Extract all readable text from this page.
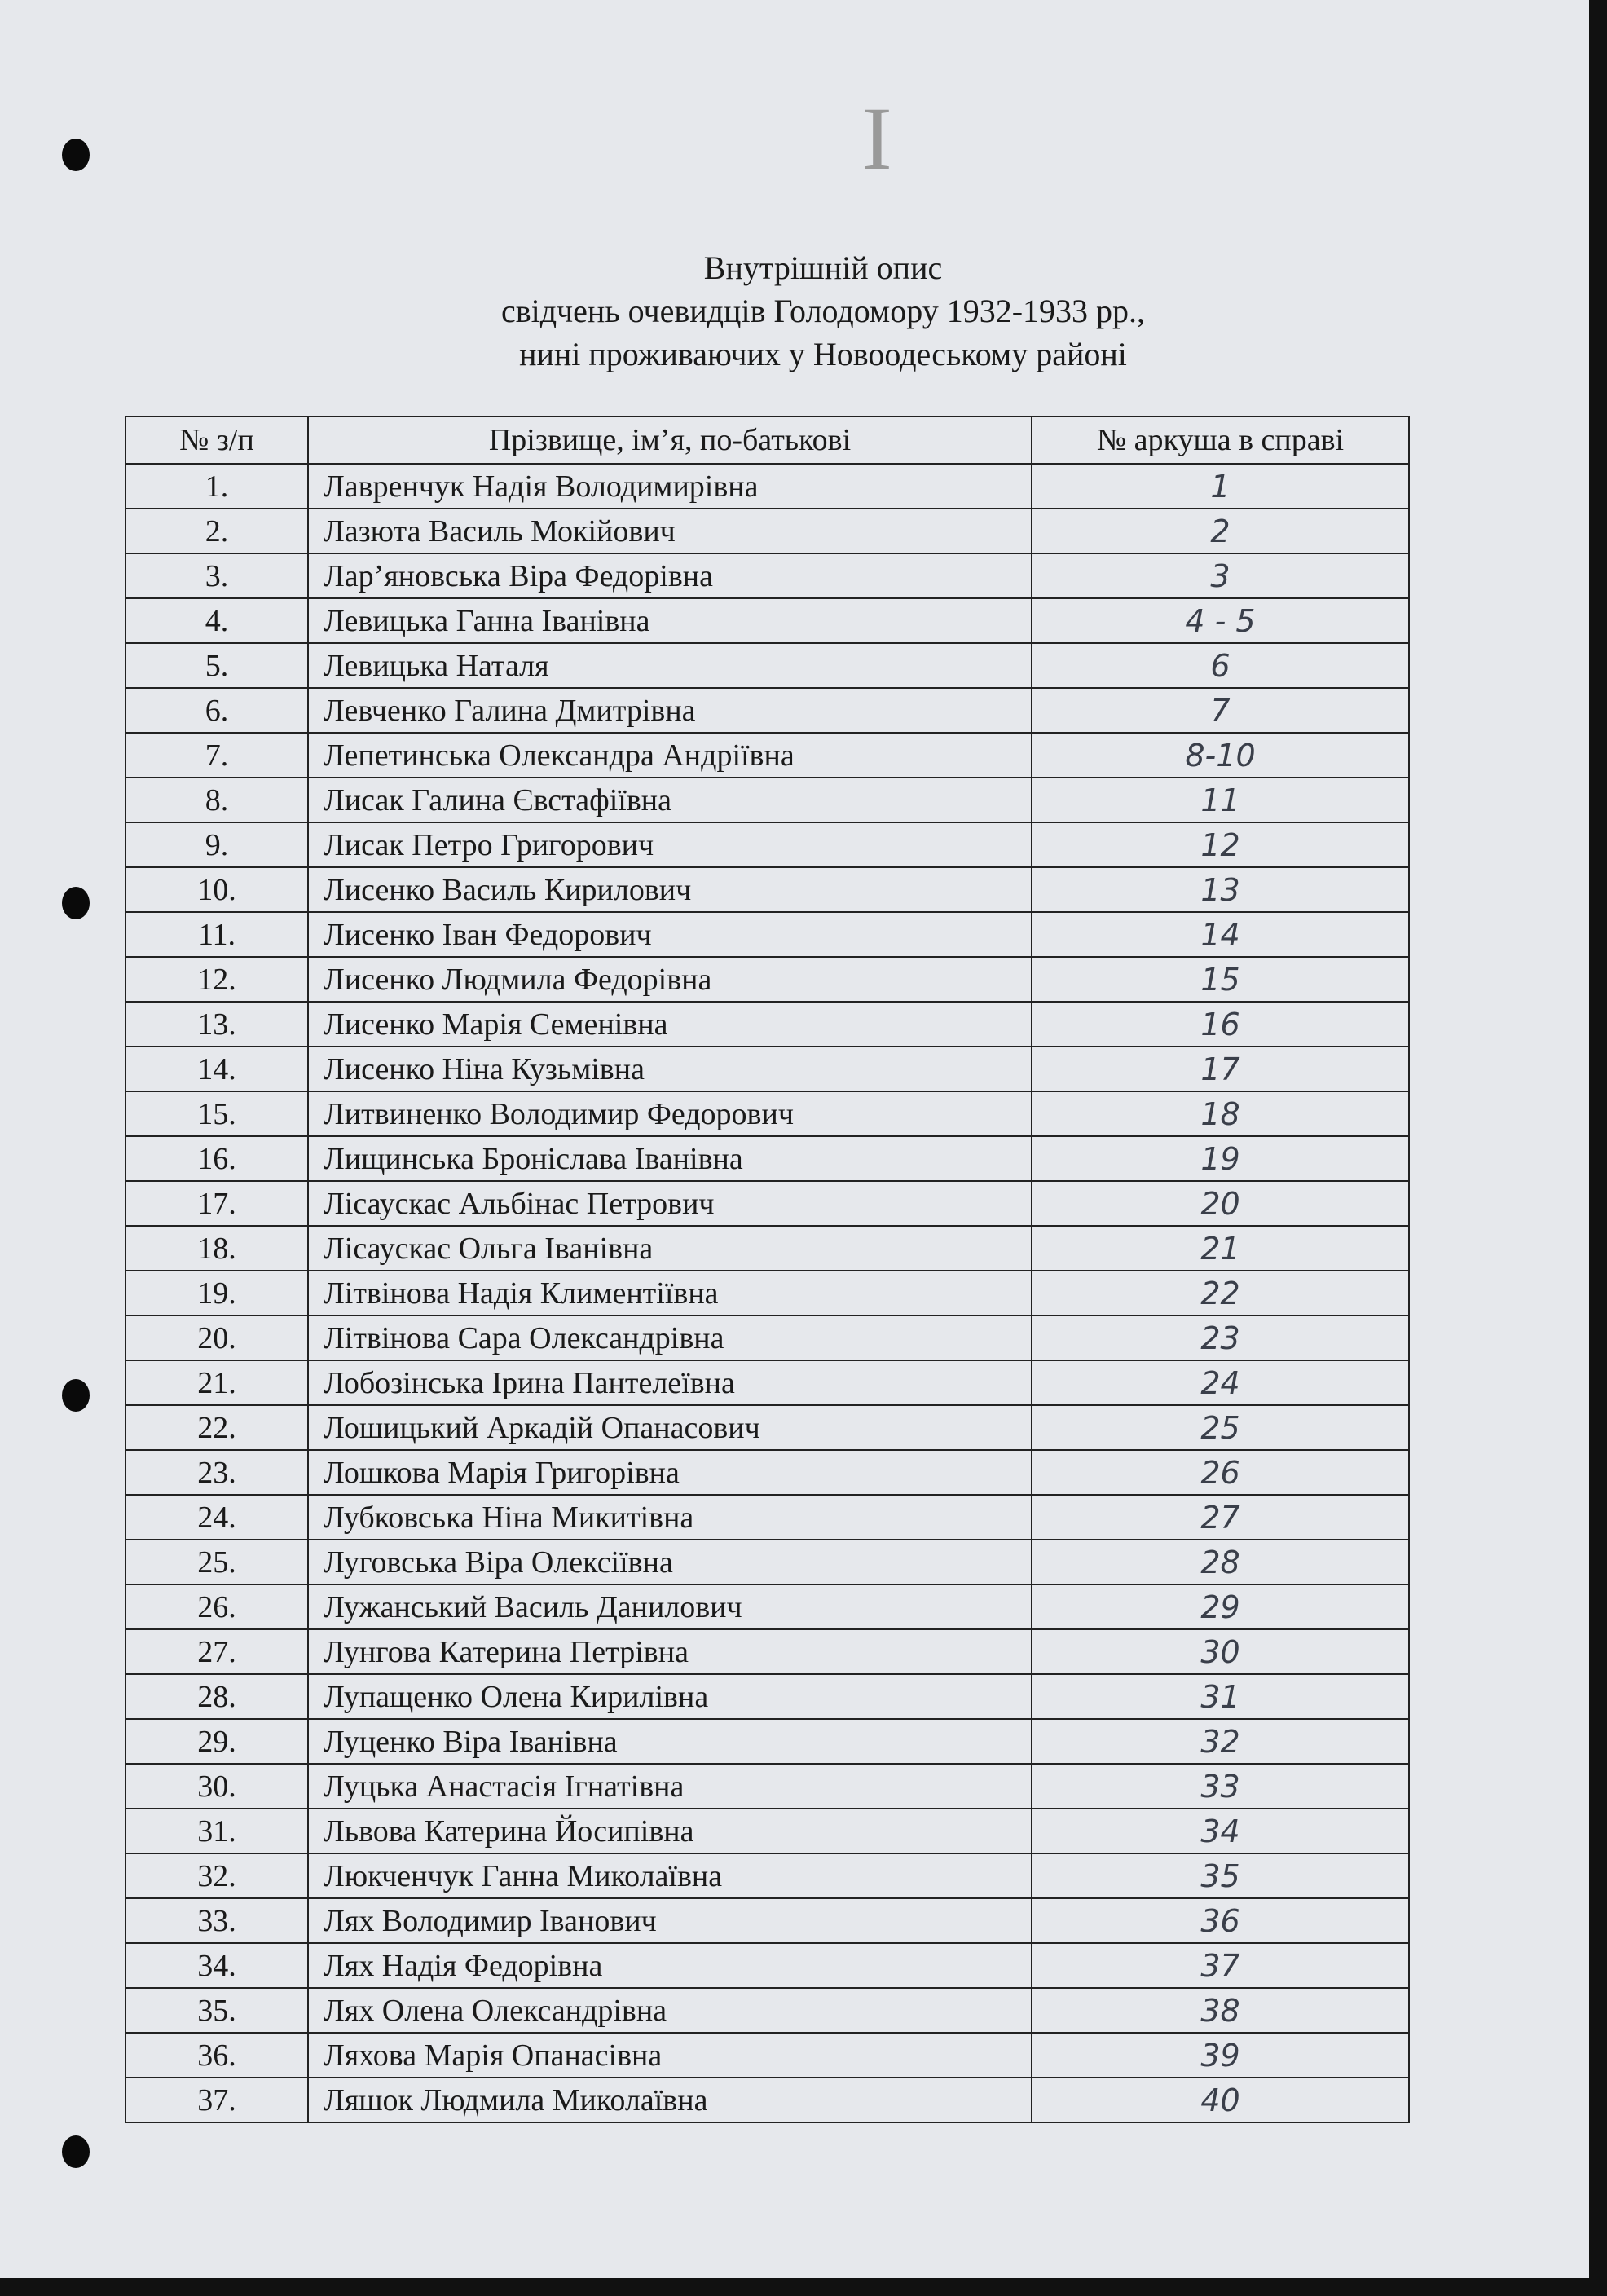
I
Внутрішній опис
свідчень очевидців Голодомору 1932-1933 рр.,
нині проживаючих у Новоодеському районі
№ з/п	Прізвище, ім’я, по-батькові	№ аркуша в справі
1.	Лавренчук Надія Володимирівна	1
2.	Лазюта Василь Мокійович	2
3.	Лар’яновська Віра Федорівна	3
4.	Левицька Ганна Іванівна	4 - 5
5.	Левицька Наталя	6
6.	Левченко Галина Дмитрівна	7
7.	Лепетинська Олександра Андріївна	8-10
8.	Лисак Галина Євстафіївна	11
9.	Лисак Петро Григорович	12
10.	Лисенко Василь Кирилович	13
11.	Лисенко Іван Федорович	14
12.	Лисенко Людмила Федорівна	15
13.	Лисенко Марія Семенівна	16
14.	Лисенко Ніна Кузьмівна	17
15.	Литвиненко Володимир Федорович	18
16.	Лищинська Броніслава Іванівна	19
17.	Лісаускас Альбінас Петрович	20
18.	Лісаускас Ольга Іванівна	21
19.	Літвінова Надія Климентіївна	22
20.	Літвінова Сара Олександрівна	23
21.	Лобозінська Ірина Пантелеївна	24
22.	Лошицький Аркадій Опанасович	25
23.	Лошкова Марія Григорівна	26
24.	Лубковська Ніна Микитівна	27
25.	Луговська Віра Олексіївна	28
26.	Лужанський Василь Данилович	29
27.	Лунгова Катерина Петрівна	30
28.	Лупащенко Олена Кирилівна	31
29.	Луценко Віра Іванівна	32
30.	Луцька Анастасія Ігнатівна	33
31.	Львова Катерина Йосипівна	34
32.	Люкченчук Ганна Миколаївна	35
33.	Лях Володимир Іванович	36
34.	Лях Надія Федорівна	37
35.	Лях Олена Олександрівна	38
36.	Ляхова Марія Опанасівна	39
37.	Ляшок Людмила Миколаївна	40
